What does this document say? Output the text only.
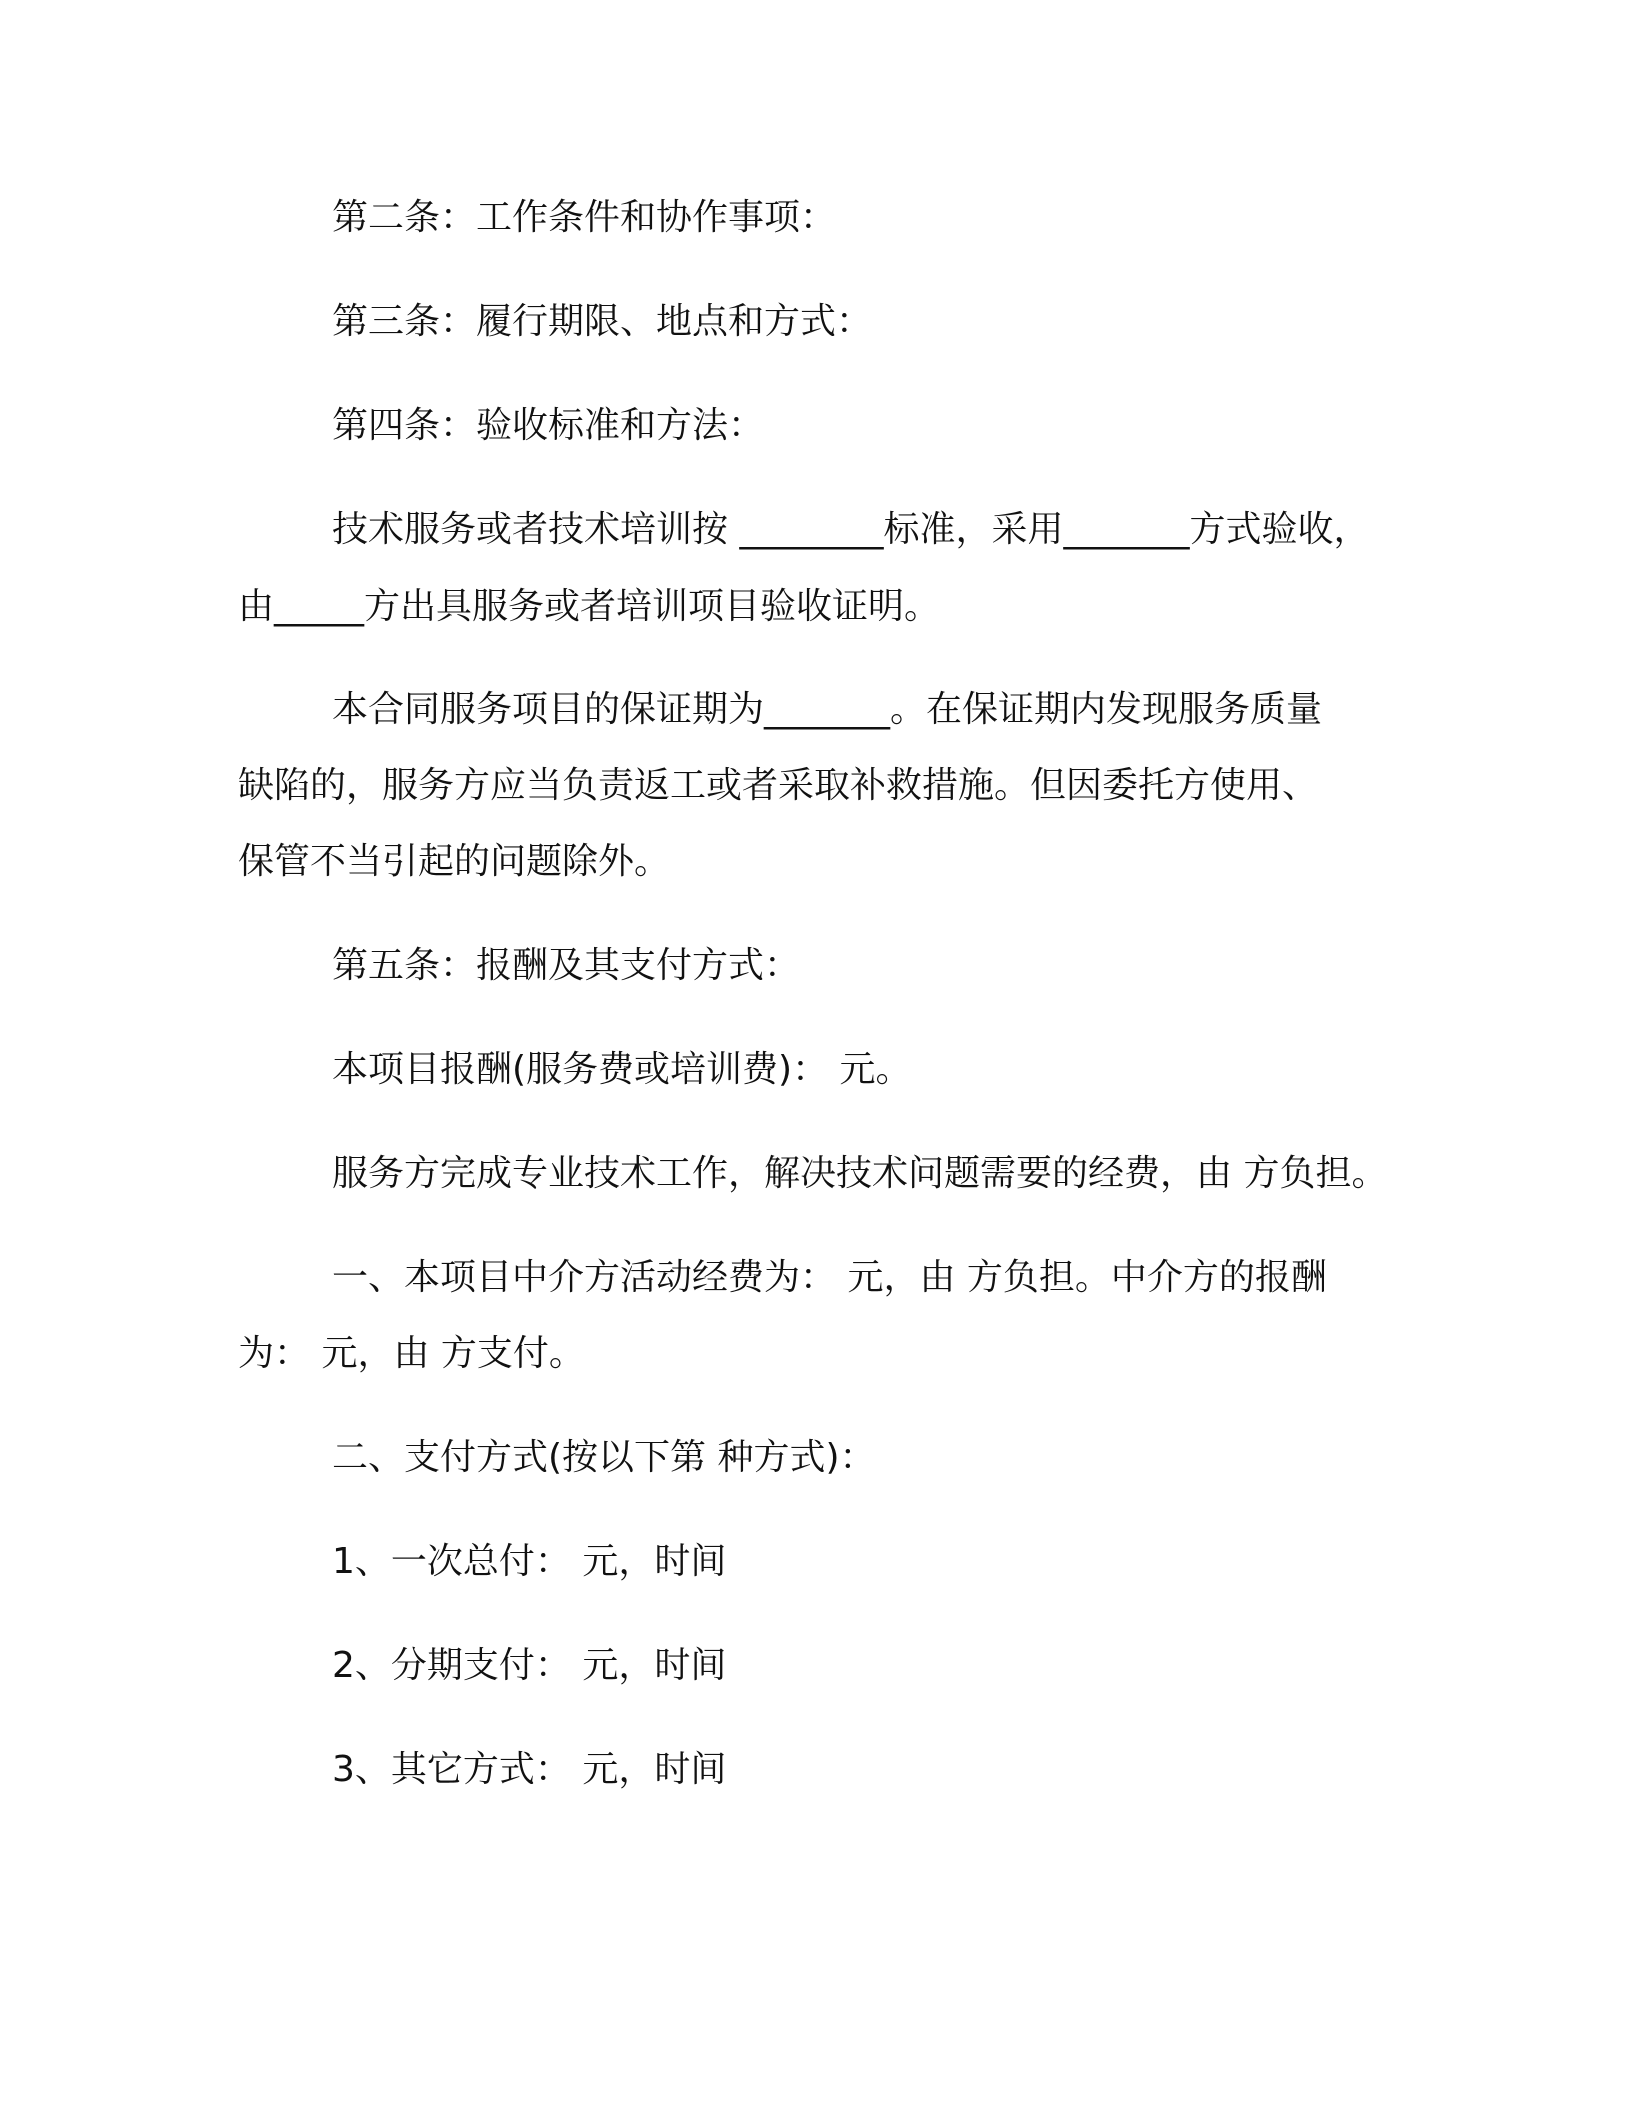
第二条：工作条件和协作事项：
第三条：履行期限、地点和方式：
第四条：验收标准和方法：
技术服务或者技术培训按 ________标准，采用_______方式验收，
由_____方出具服务或者培训项目验收证明。
本合同服务项目的保证期为_______。在保证期内发现服务质量
缺陷的，服务方应当负责返工或者采取补救措施。但因委托方使用、
保管不当引起的问题除外。
第五条：报酬及其支付方式：
本项目报酬(服务费或培训费)： 元。
服务方完成专业技术工作，解决技术问题需要的经费，由 方负担。
一、本项目中介方活动经费为： 元，由 方负担。中介方的报酬
为： 元，由 方支付。
二、支付方式(按以下第 种方式)：
1、一次总付： 元，时间
2、分期支付： 元，时间
3、其它方式： 元，时间
